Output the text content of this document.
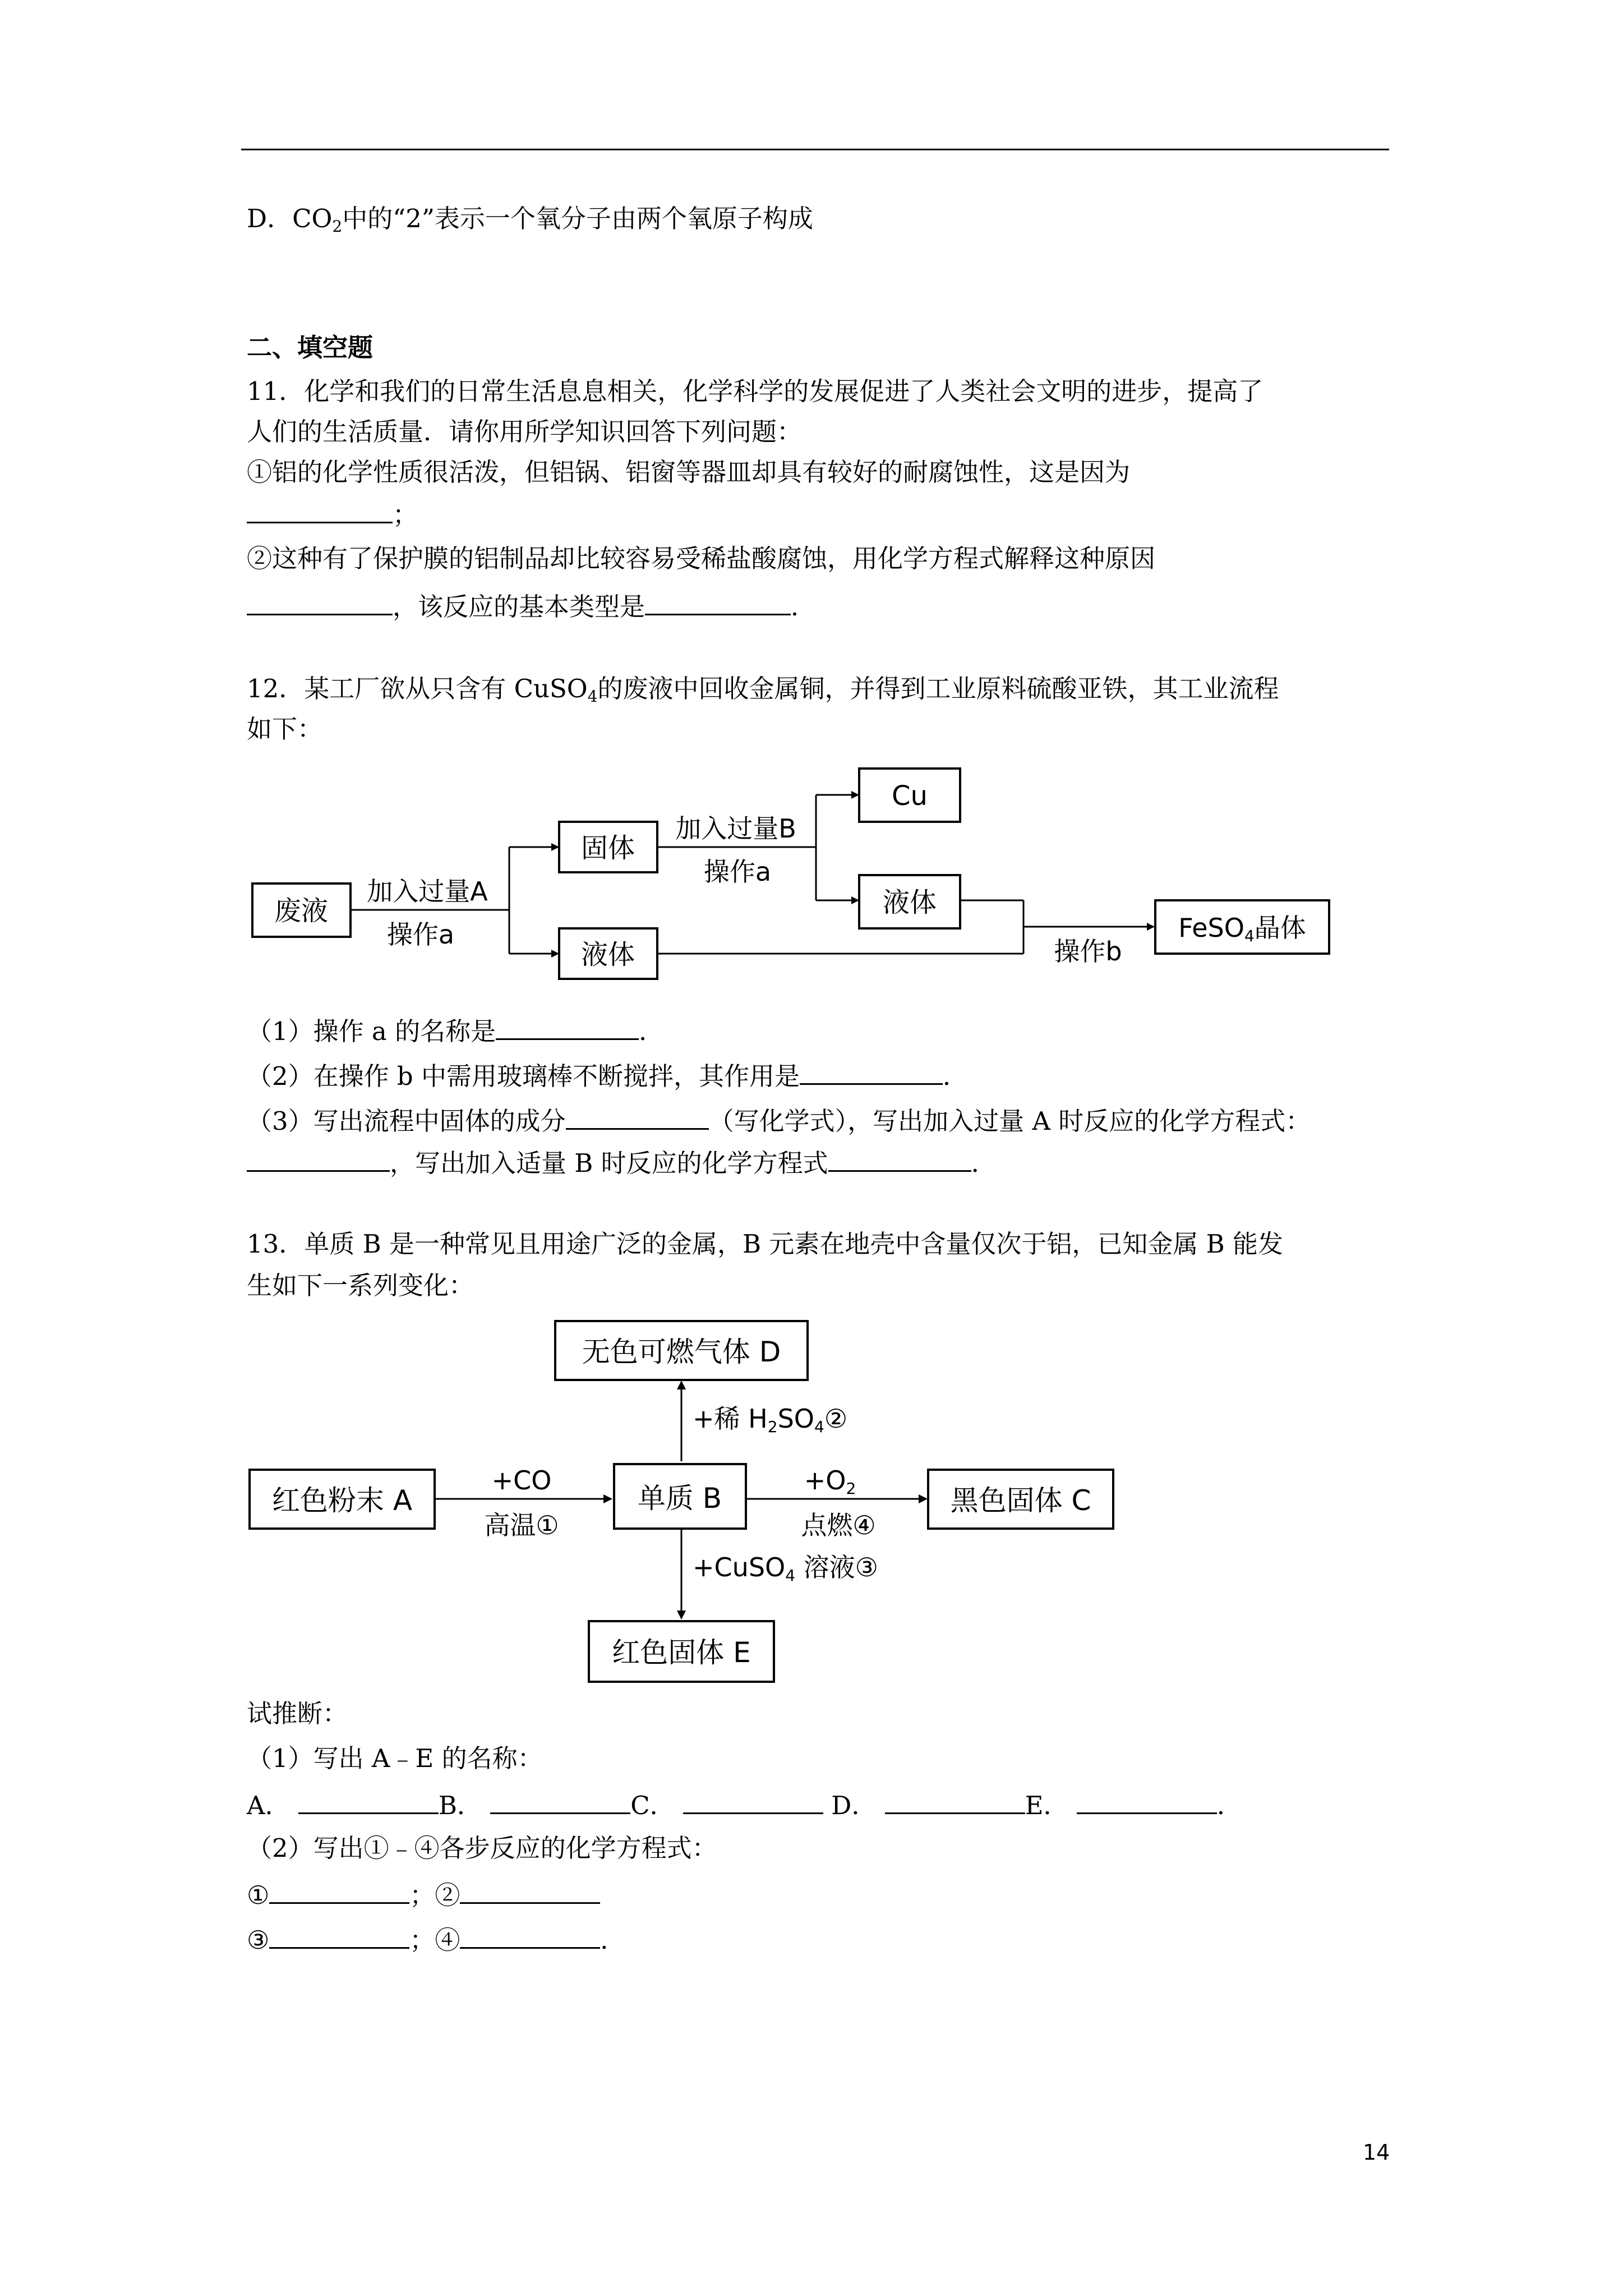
D．$CO_2$中的“2”表示一个氧分子由两个氧原子构成
二、填空题
11．化学和我们的日常生活息息相关，化学科学的发展促进了人类社会文明的进步，提高了
人们的生活质量．请你用所学知识回答下列问题：
①铝的化学性质很活泼，但铝锅、铝窗等器皿却具有较好的耐腐蚀性，这是因为
；
②这种有了保护膜的铝制品却比较容易受稀盐酸腐蚀，用化学方程式解释这种原因
，该反应的基本类型是	．
12．某工厂欲从只含有 CuSO$_4$的废液中回收金属铜，并得到工业原料硫酸亚铁，其工业流程
如下：
废液
加入过量A
操作a
固体
液体
加入过量B
操作a
Cu
液体
操作b
FeSO4晶体
（1）操作 a 的名称是	．
（2）在操作 b 中需用玻璃棒不断搅拌，其作用是	．
（3）写出流程中固体的成分	（写化学式），写出加入过量 A 时反应的化学方程式：
，写出加入适量 B 时反应的化学方程式	．
13．单质 B 是一种常见且用途广泛的金属，B 元素在地壳中含量仅次于铝，已知金属 B 能发
生如下一系列变化：
无色可燃气体 D
+稀 H2SO4②
红色粉末 A
+CO
高温①
单质 B
+O2
点燃④
黑色固体 C
+CuSO4 溶液③
红色固体 E
试推断：
（1）写出 A﹣E 的名称：
A．	B．	C．	D．	E．	．
（2）写出①﹣④各步反应的化学方程式：
①	；②
③	；④	．
14
